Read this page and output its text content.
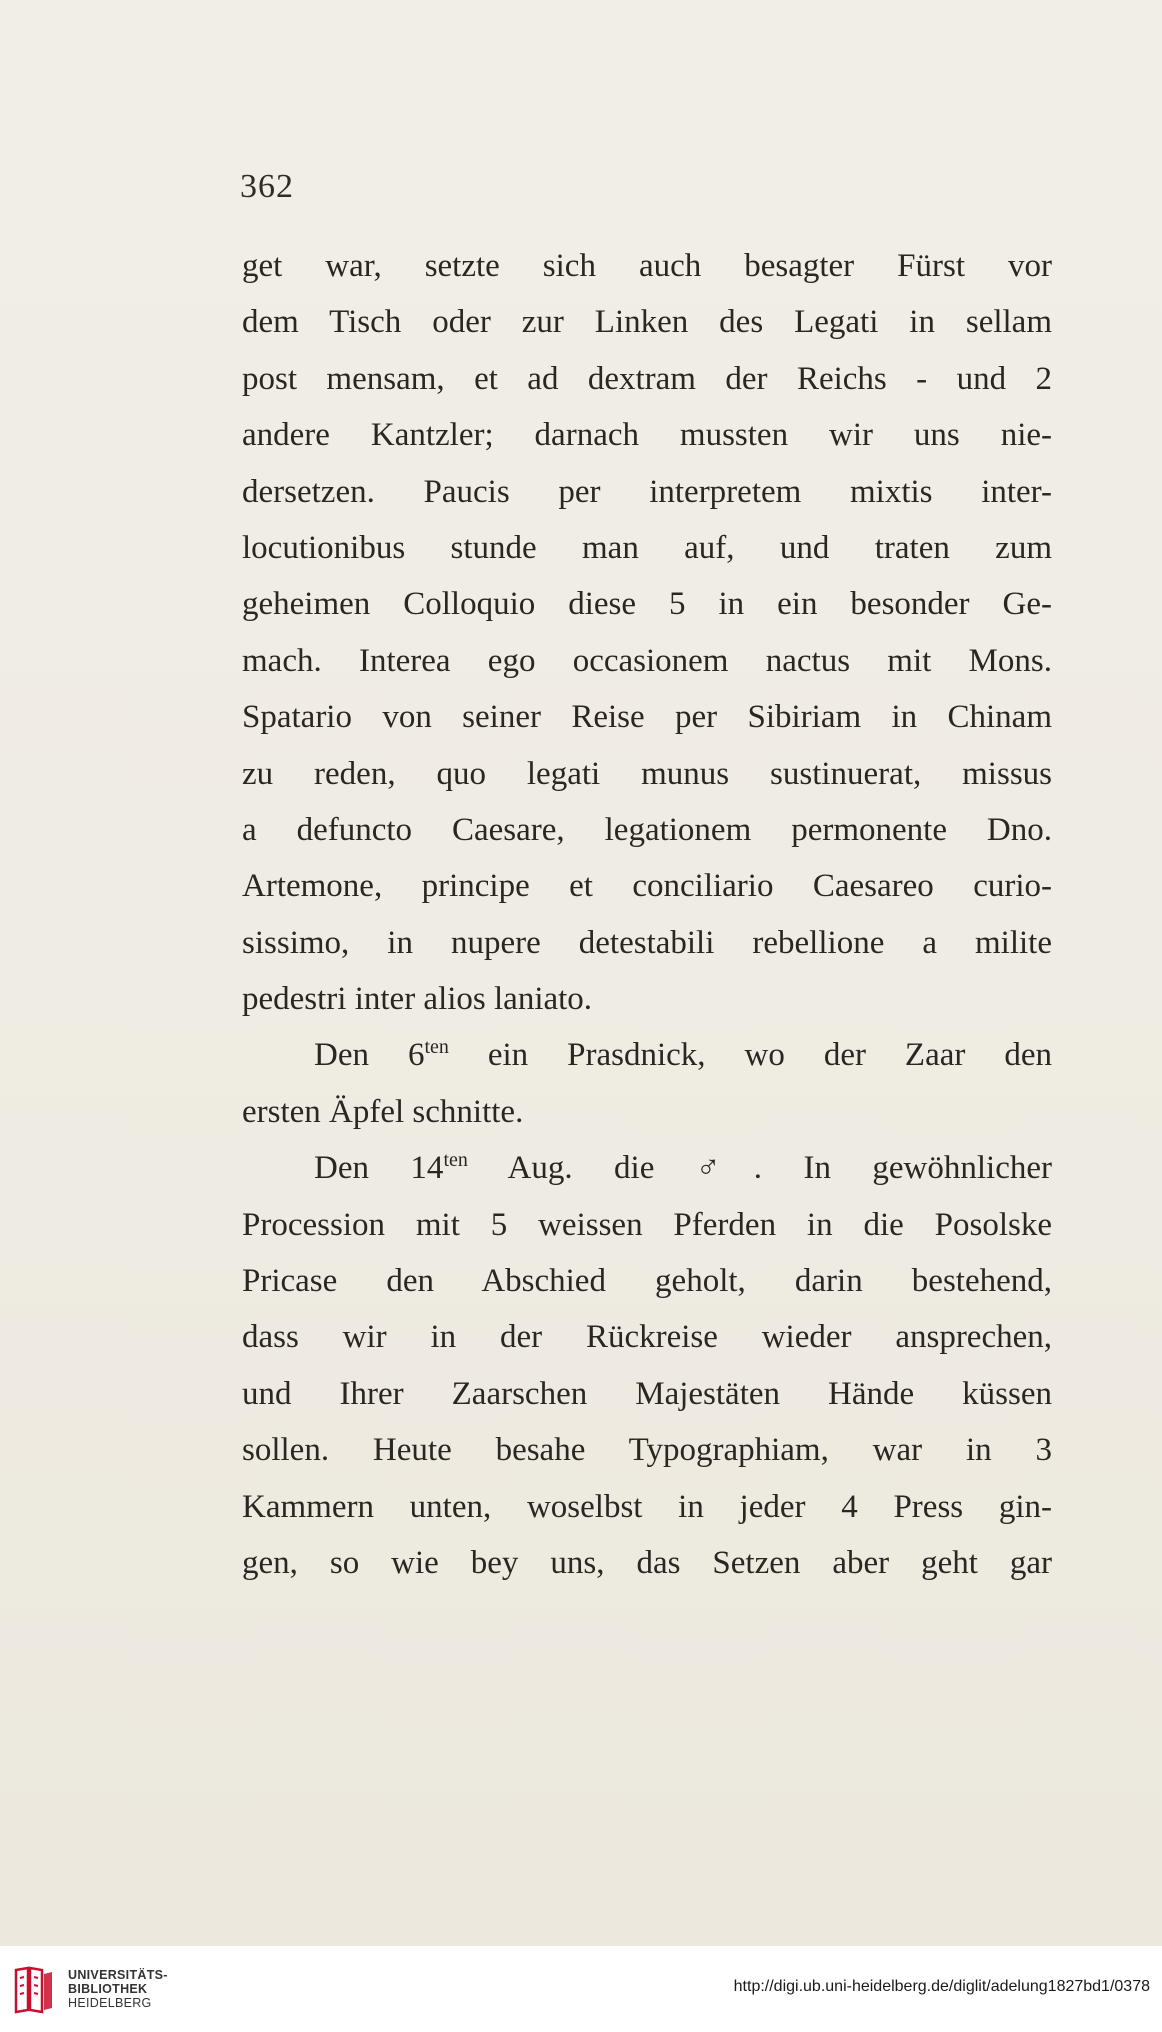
362
get war, setzte sich auch besagter Fürst vor
dem Tisch oder zur Linken des Legati in sellam
post mensam, et ad dextram der Reichs - und 2
andere Kantzler; darnach mussten wir uns nie-
dersetzen. Paucis per interpretem mixtis inter-
locutionibus stunde man auf, und traten zum
geheimen Colloquio diese 5 in ein besonder Ge-
mach. Interea ego occasionem nactus mit Mons.
Spatario von seiner Reise per Sibiriam in Chinam
zu reden, quo legati munus sustinuerat, missus
a defuncto Caesare, legationem permonente Dno.
Artemone, principe et conciliario Caesareo curio-
sissimo, in nupere detestabili rebellione a milite
pedestri inter alios laniato.
Den $6^{ten}$ ein Prasdnick, wo der Zaar den
ersten Äpfel schnitte.
Den $14^{ten}$ Aug. die ♂. In gewöhnlicher
Procession mit 5 weissen Pferden in die Posolske
Pricase den Abschied geholt, darin bestehend,
dass wir in der Rückreise wieder ansprechen,
und Ihrer Zaarschen Majestäten Hände küssen
sollen. Heute besahe Typographiam, war in 3
Kammern unten, woselbst in jeder 4 Press gin-
gen, so wie bey uns, das Setzen aber geht gar
UNIVERSITÄTS-
BIBLIOTHEK
HEIDELBERG
http://digi.ub.uni-heidelberg.de/diglit/adelung1827bd1/0378
